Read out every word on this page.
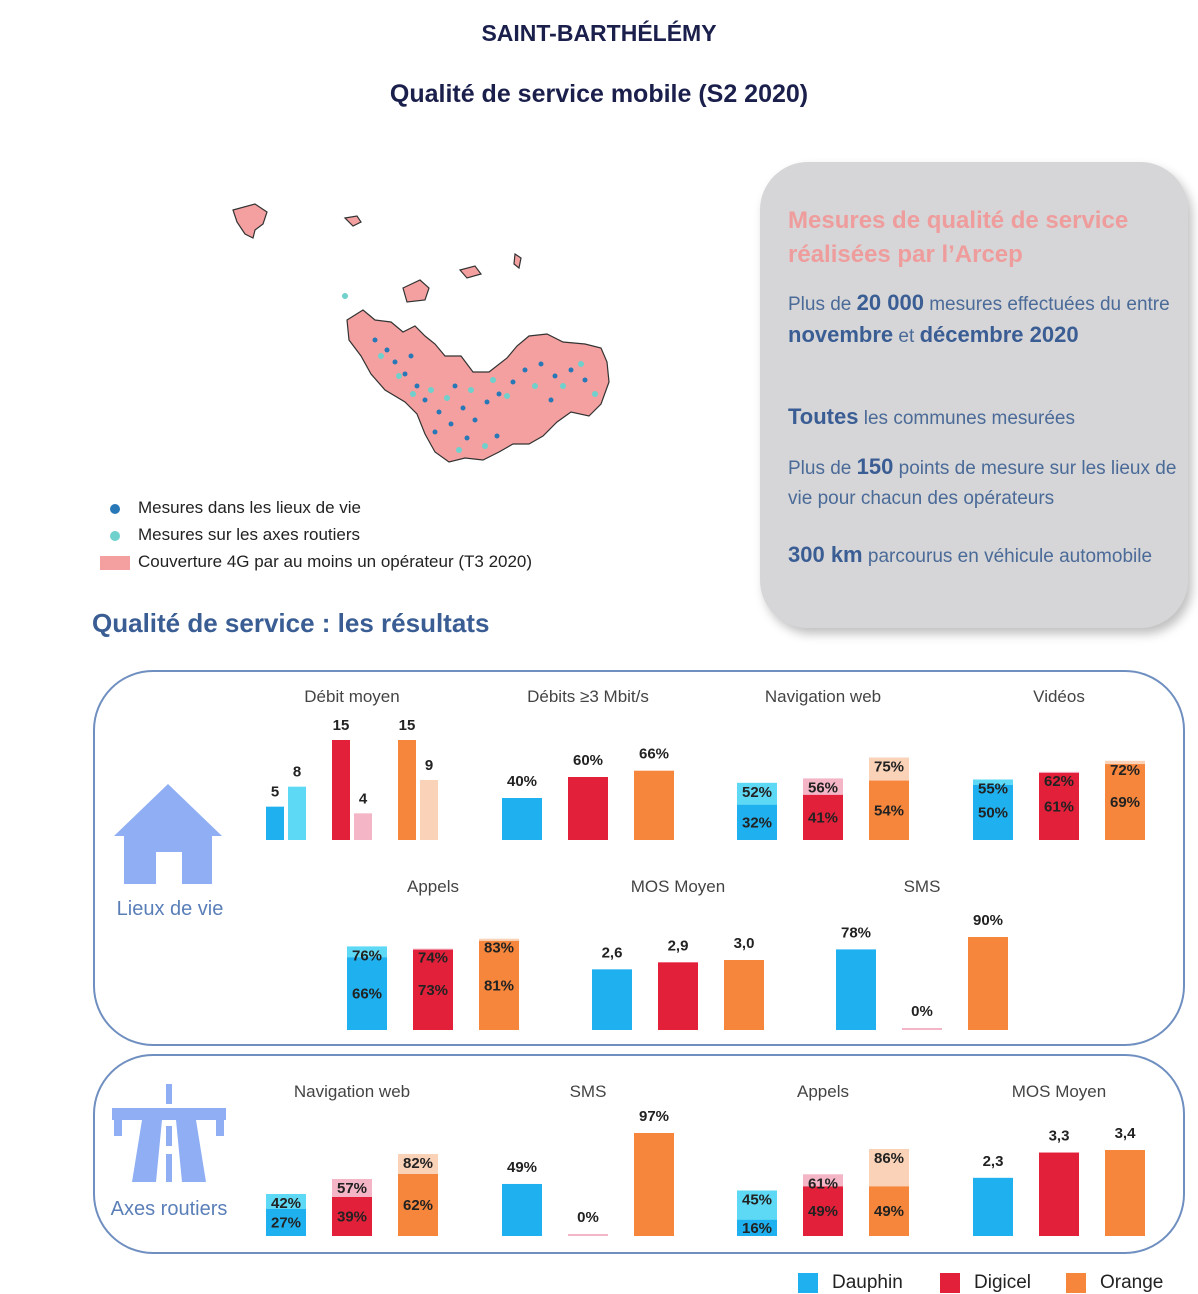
SAINT-BARTHÉLÉMY
Qualité de service mobile (S2 2020)
Mesures dans les lieux de vie
Mesures sur les axes routiers
Couverture 4G par au moins un opérateur (T3 2020)
Mesures de qualité de service réalisées par l’Arcep
Plus de 20 000 mesures effectuées du entre novembre et décembre 2020
Toutes les communes mesurées
Plus de 150 points de mesure sur les lieux de vie pour chacun des opérateurs
300 km parcourus en véhicule automobile
Qualité de service : les résultats
Lieux de vie
Axes routiers
Débit moyen
5
8
15
4
15
9
Débits ≥3 Mbit/s
40%
60% 66%
Navigation web
52%
32%
56%
41%
75%
54%
Vidéos
55%
50%
62%
61%
72%
69%
Appels
76%
66%
74%
73%
83%
81%
MOS Moyen
2,6	2,9	3,0
SMS
78%
0%
90%
Navigation web
42%
27%
57%
39%
82%
62%
SMS
49%
0%
97%
Appels
45%
16%
61%
49%
86%
49%
MOS Moyen
2,3
3,3	3,4
Dauphin	Digicel	Orange
